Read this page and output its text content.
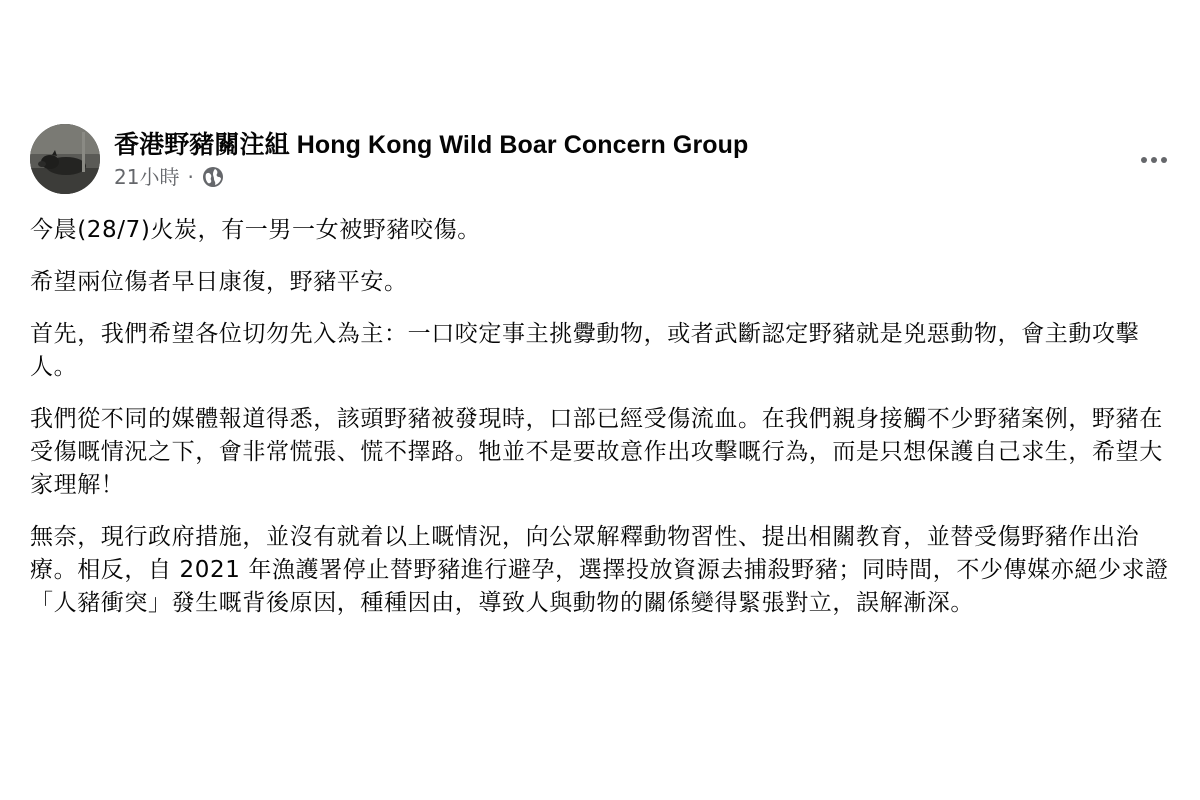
香港野豬關注組 Hong Kong Wild Boar Concern Group
21小時 ·

今晨(28/7)火炭，有一男一女被野豬咬傷。

希望兩位傷者早日康復，野豬平安。

首先，我們希望各位切勿先入為主：一口咬定事主挑釁動物，或者武斷認定野豬就是兇惡動物，會主動攻擊人。

我們從不同的媒體報道得悉，該頭野豬被發現時，口部已經受傷流血。在我們親身接觸不少野豬案例，野豬在受傷嘅情況之下，會非常慌張、慌不擇路。牠並不是要故意作出攻擊嘅行為，而是只想保護自己求生，希望大家理解！

無奈，現行政府措施，並沒有就着以上嘅情況，向公眾解釋動物習性、提出相關教育，並替受傷野豬作出治療。相反，自 2021 年漁護署停止替野豬進行避孕，選擇投放資源去捕殺野豬；同時間，不少傳媒亦絕少求證「人豬衝突」發生嘅背後原因，種種因由，導致人與動物的關係變得緊張對立，誤解漸深。
